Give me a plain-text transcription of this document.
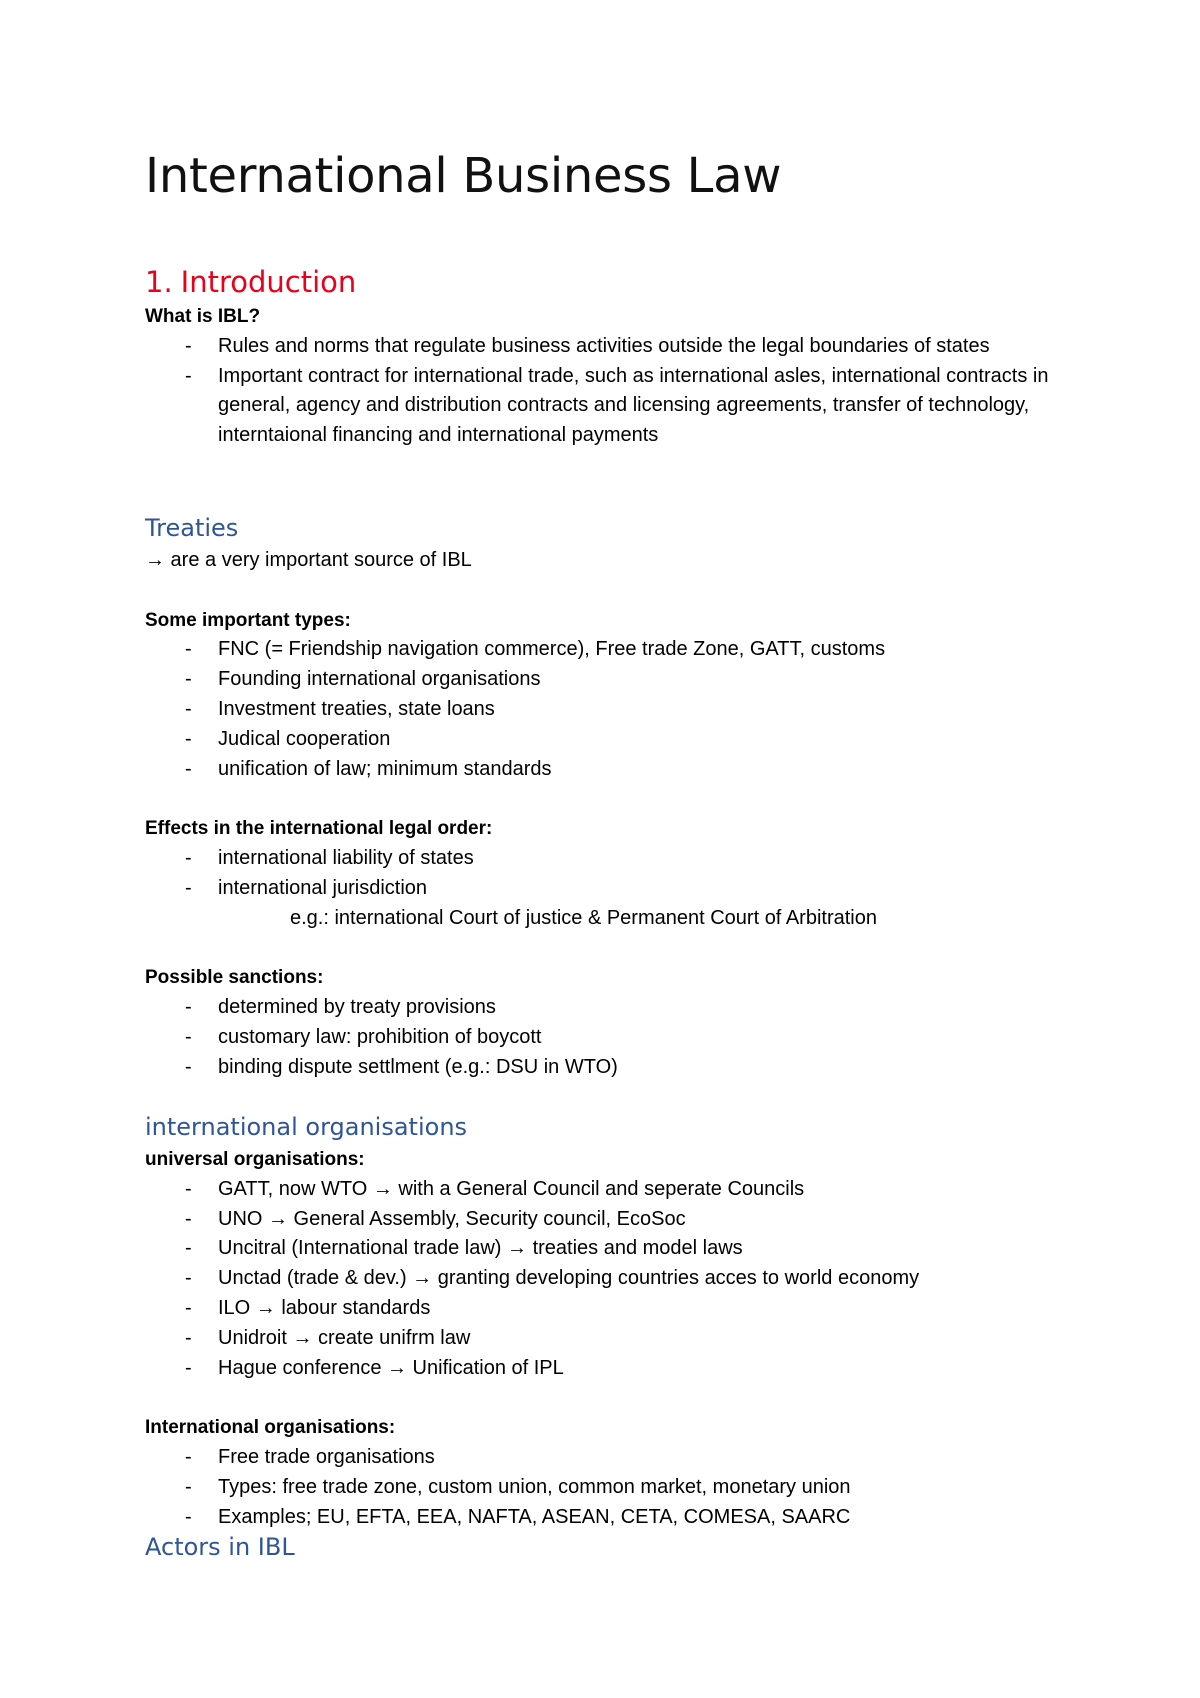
International Business Law
1. Introduction
What is IBL?
- Rules and norms that regulate business activities outside the legal boundaries of states
- Important contract for international trade, such as international asles, international contracts in general, agency and distribution contracts and licensing agreements, transfer of technology, interntaional financing and international payments
Treaties
→ are a very important source of IBL
Some important types:
- FNC (= Friendship navigation commerce), Free trade Zone, GATT, customs
- Founding international organisations
- Investment treaties, state loans
- Judical cooperation
- unification of law; minimum standards
Effects in the international legal order:
- international liability of states
- international jurisdiction
e.g.: international Court of justice & Permanent Court of Arbitration
Possible sanctions:
- determined by treaty provisions
- customary law: prohibition of boycott
- binding dispute settlment (e.g.: DSU in WTO)
international organisations
universal organisations:
- GATT, now WTO → with a General Council and seperate Councils
- UNO → General Assembly, Security council, EcoSoc
- Uncitral (International trade law) → treaties and model laws
- Unctad (trade & dev.) → granting developing countries acces to world economy
- ILO → labour standards
- Unidroit → create unifrm law
- Hague conference → Unification of IPL
International organisations:
- Free trade organisations
- Types: free trade zone, custom union, common market, monetary union
- Examples; EU, EFTA, EEA, NAFTA, ASEAN, CETA, COMESA, SAARC
Actors in IBL
